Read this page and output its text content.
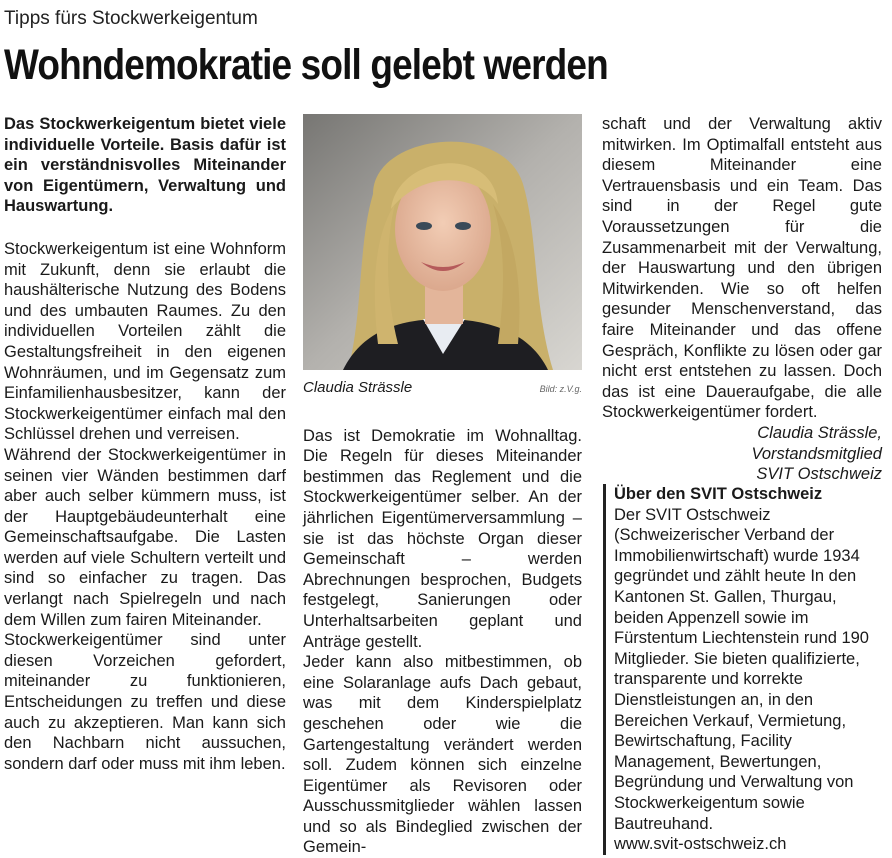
Tipps fürs Stockwerkeigentum
Wohndemokratie soll gelebt werden

Das Stockwerkeigentum bietet viele individuelle Vorteile. Basis dafür ist ein verständnisvolles Miteinander von Eigentümern, Verwaltung und Hauswartung.

Stockwerkeigentum ist eine Wohnform mit Zukunft, denn sie erlaubt die haushälterische Nutzung des Bodens und des umbauten Raumes. Zu den individuellen Vorteilen zählt die Gestaltungsfreiheit in den eigenen Wohnräumen, und im Gegensatz zum Einfamilienhausbesitzer, kann der Stockwerkeigentümer einfach mal den Schlüssel drehen und verreisen.

Während der Stockwerkeigentümer in seinen vier Wänden bestimmen darf aber auch selber kümmern muss, ist der Hauptgebäudeunterhalt eine Gemeinschaftsaufgabe. Die Lasten werden auf viele Schultern verteilt und sind so einfacher zu tragen. Das verlangt nach Spielregeln und nach dem Willen zum fairen Miteinander.

Stockwerkeigentümer sind unter diesen Vorzeichen gefordert, miteinander zu funktionieren, Entscheidungen zu treffen und diese auch zu akzeptieren. Man kann sich den Nachbarn nicht aussuchen, sondern darf oder muss mit ihm leben.

Claudia Strässle	Bild: z.V.g.

Das ist Demokratie im Wohnalltag. Die Regeln für dieses Miteinander bestimmen das Reglement und die Stockwerkeigentümer selber. An der jährlichen Eigentümerversammlung – sie ist das höchste Organ dieser Gemeinschaft – werden Abrechnungen besprochen, Budgets festgelegt, Sanierungen oder Unterhaltsarbeiten geplant und Anträge gestellt.

Jeder kann also mitbestimmen, ob eine Solaranlage aufs Dach gebaut, was mit dem Kinderspielplatz geschehen oder wie die Gartengestaltung verändert werden soll. Zudem können sich einzelne Eigentümer als Revisoren oder Ausschussmitglieder wählen lassen und so als Bindeglied zwischen der Gemein-

schaft und der Verwaltung aktiv mitwirken. Im Optimalfall entsteht aus diesem Miteinander eine Vertrauensbasis und ein Team. Das sind in der Regel gute Voraussetzungen für die Zusammenarbeit mit der Verwaltung, der Hauswartung und den übrigen Mitwirkenden. Wie so oft helfen gesunder Menschenverstand, das faire Miteinander und das offene Gespräch, Konflikte zu lösen oder gar nicht erst entstehen zu lassen. Doch das ist eine Daueraufgabe, die alle Stockwerkeigentümer fordert.

Claudia Strässle,
Vorstandsmitglied
SVIT Ostschweiz
Über den SVIT Ostschweiz
Der SVIT Ostschweiz (Schweizerischer Verband der Immobilienwirtschaft) wurde 1934 gegründet und zählt heute In den Kantonen St. Gallen, Thurgau, beiden Appenzell sowie im Fürstentum Liechtenstein rund 190 Mitglieder. Sie bieten qualifizierte, transparente und korrekte Dienstleistungen an, in den Bereichen Verkauf, Vermietung, Bewirtschaftung, Facility Management, Bewertungen, Begründung und Verwaltung von Stockwerkeigentum sowie Bautreuhand.
www.svit-ostschweiz.ch
